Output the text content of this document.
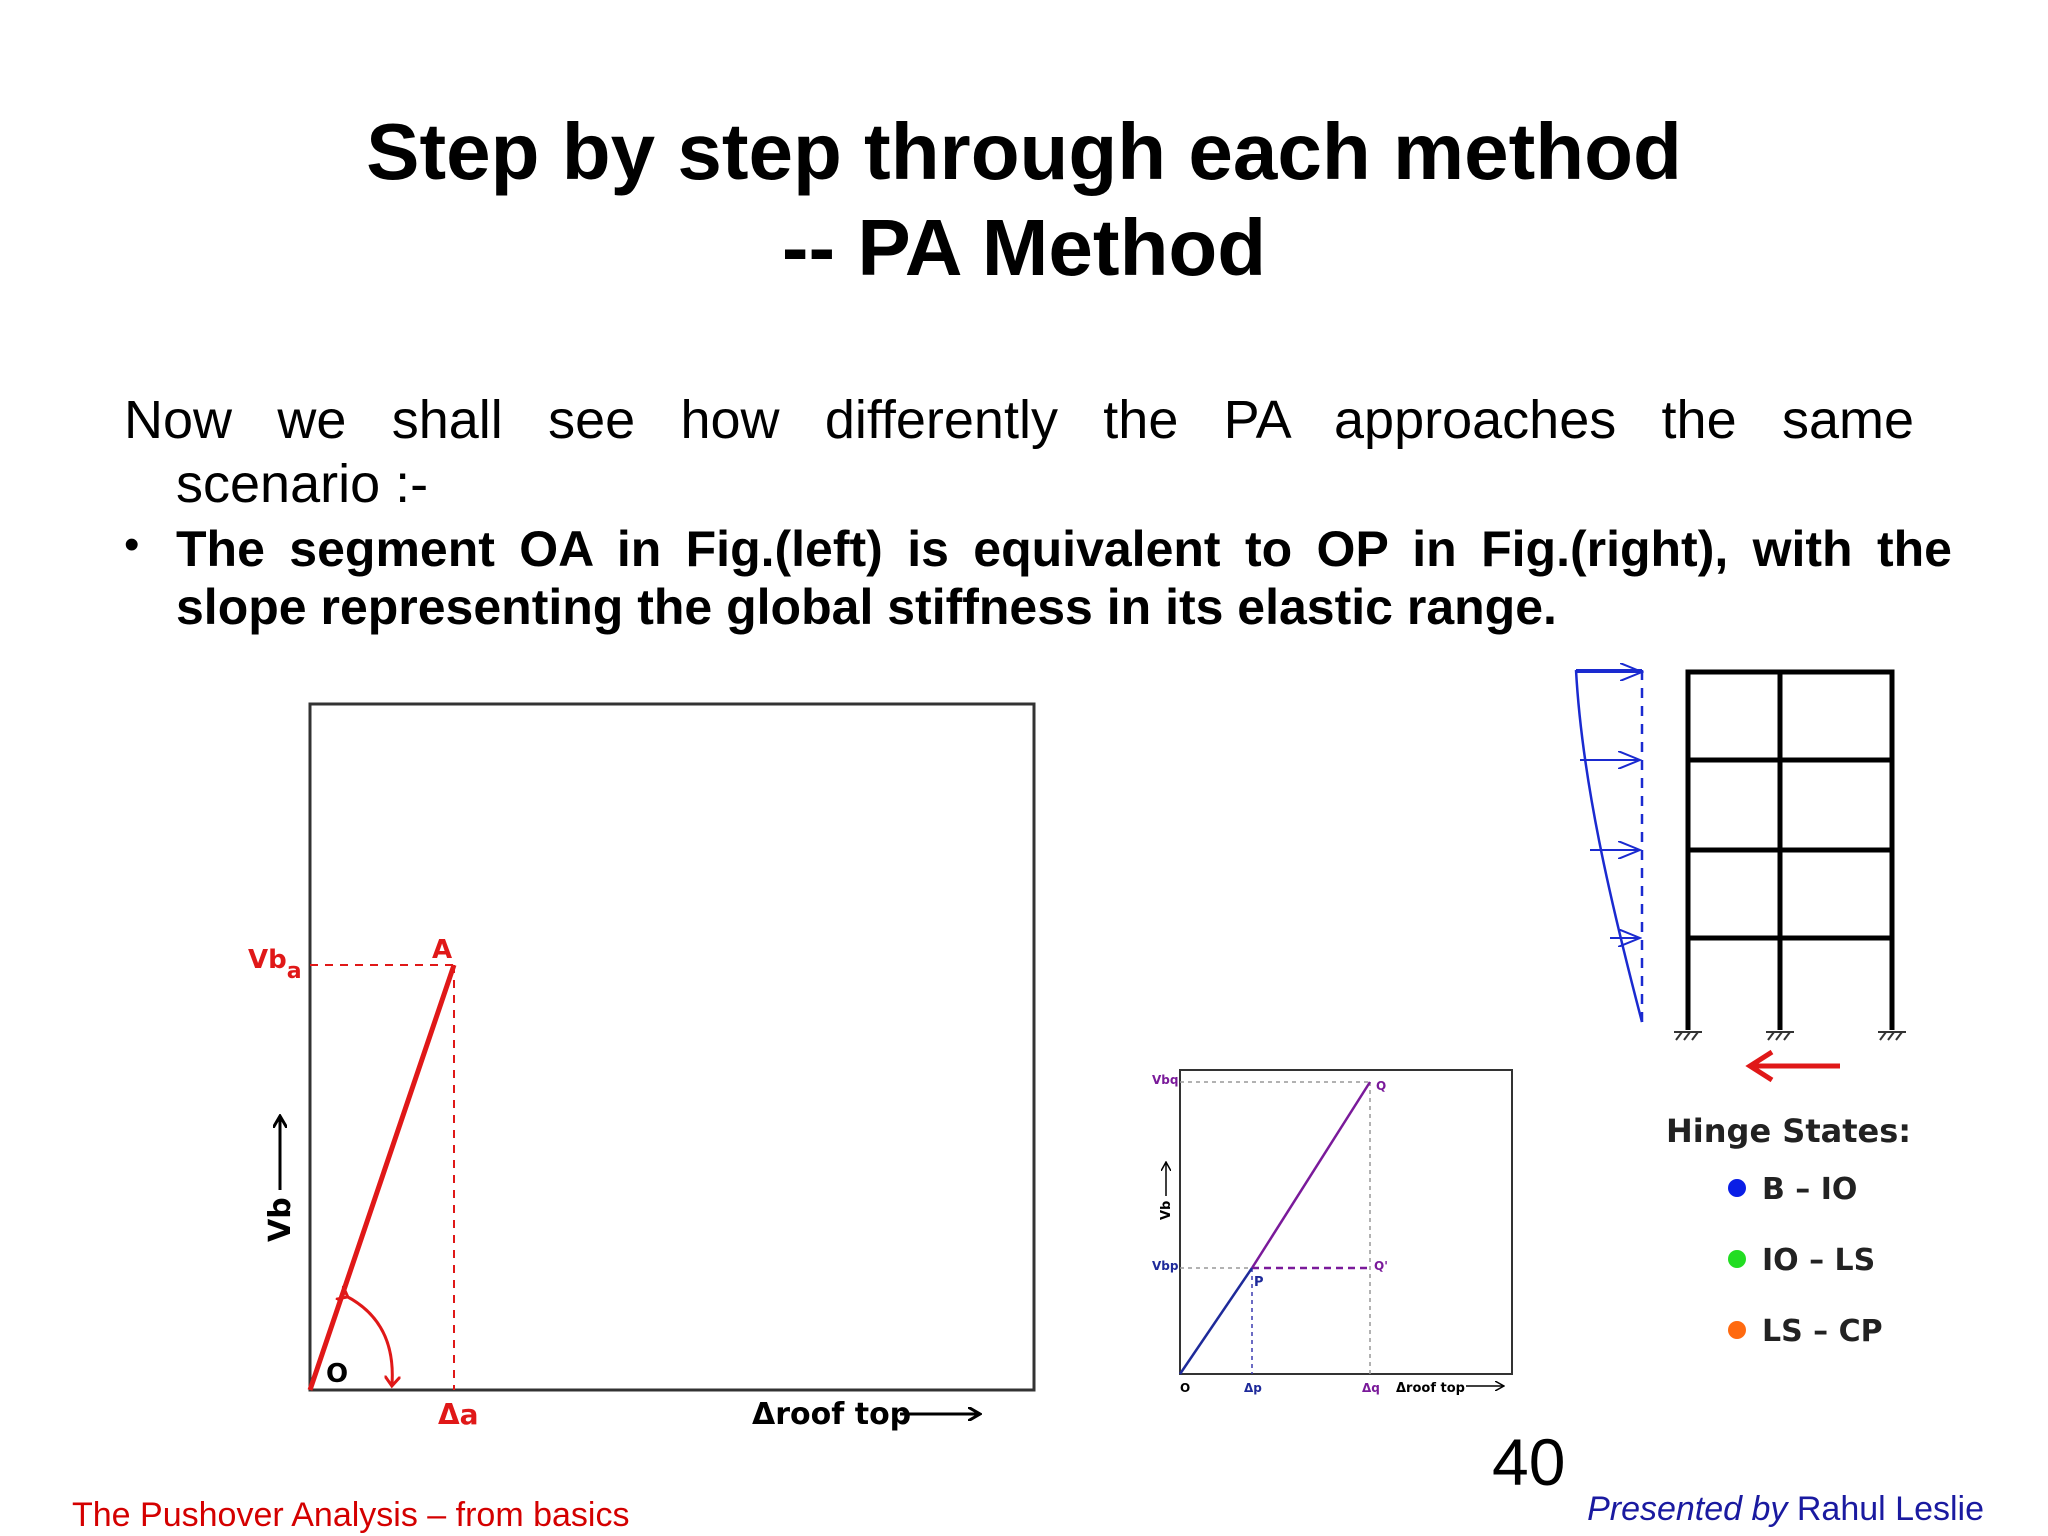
Step by step through each method
-- PA Method
Now we shall see how differently the PA approaches the same
scenario :-
• The segment OA in Fig.(left) is equivalent to OP in Fig.(right), with the slope representing the global stiffness in its elastic range.
$Vb_a$
A
O
Δa	Δroof top
Vb
Vbq
Vbp
Q
Q'
P
O	Δp	Δq Δroof top
Vb
Hinge States:
B – IO
IO – LS
LS – CP
40
The Pushover Analysis – from basics	Presented by Rahul Leslie
